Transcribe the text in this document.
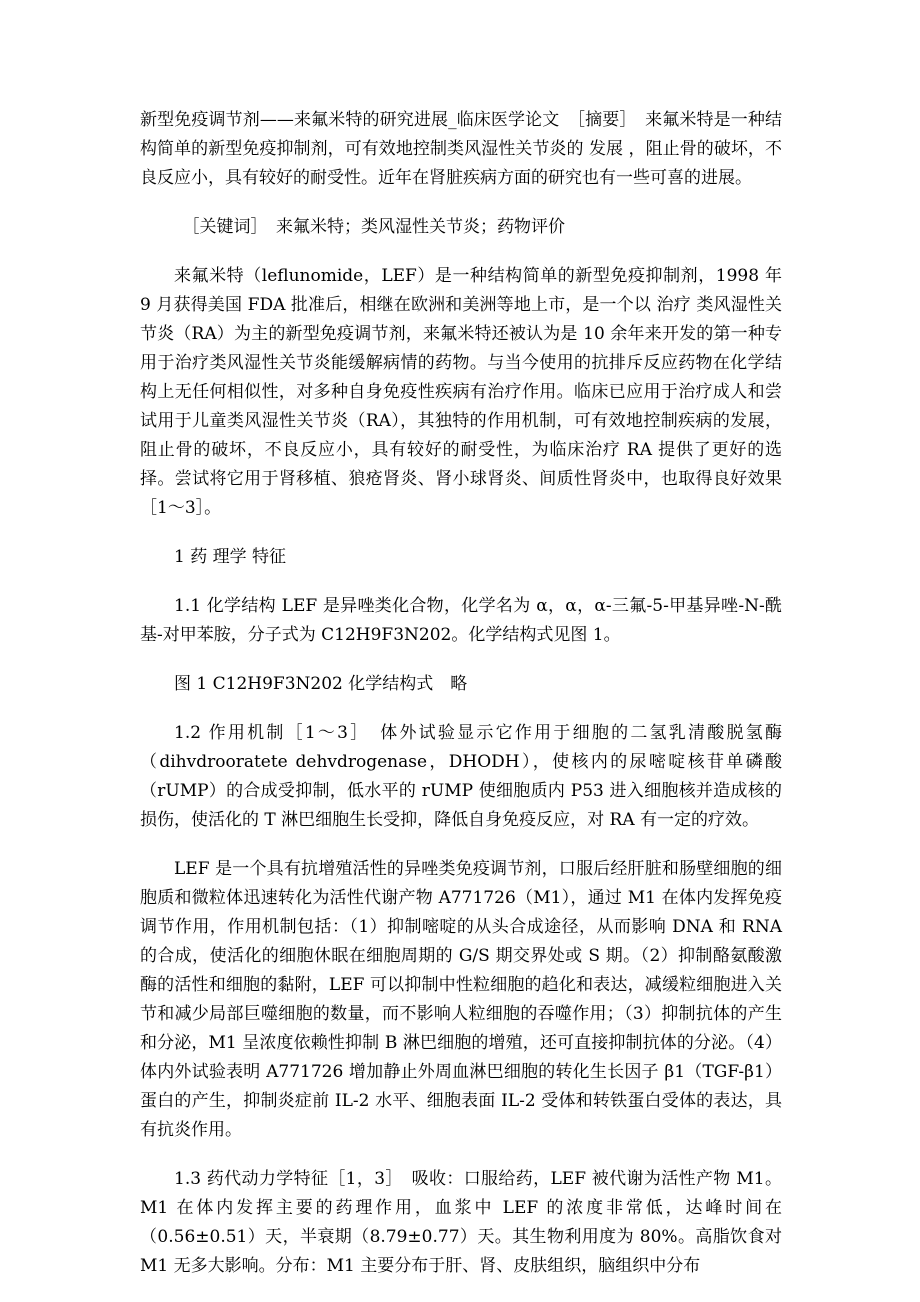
新型免疫调节剂——来氟米特的研究进展_临床医学论文　［摘要］　来氟米特是一种结构简单的新型免疫抑制剂，可有效地控制类风湿性关节炎的 发展 ，阻止骨的破坏，不良反应小，具有较好的耐受性。近年在肾脏疾病方面的研究也有一些可喜的进展。

［关键词］　来氟米特；类风湿性关节炎；药物评价

来氟米特（leflunomide，LEF）是一种结构简单的新型免疫抑制剂，1998 年 9 月获得美国 FDA 批准后，相继在欧洲和美洲等地上市，是一个以 治疗 类风湿性关节炎（RA）为主的新型免疫调节剂，来氟米特还被认为是 10 余年来开发的第一种专用于治疗类风湿性关节炎能缓解病情的药物。与当今使用的抗排斥反应药物在化学结构上无任何相似性，对多种自身免疫性疾病有治疗作用。临床已应用于治疗成人和尝试用于儿童类风湿性关节炎（RA），其独特的作用机制，可有效地控制疾病的发展，阻止骨的破坏，不良反应小，具有较好的耐受性，为临床治疗 RA 提供了更好的选择。尝试将它用于肾移植、狼疮肾炎、肾小球肾炎、间质性肾炎中，也取得良好效果［1～3］。

1 药 理学 特征

1.1 化学结构 LEF 是异唑类化合物，化学名为 α，α，α-三氟-5-甲基异唑-N-酰基-对甲苯胺，分子式为 C12H9F3N202。化学结构式见图 1。

图 1 C12H9F3N202 化学结构式　略

1.2 作用机制［1～3］　体外试验显示它作用于细胞的二氢乳清酸脱氢酶（dihvdrooratete dehvdrogenase，DHODH），使核内的尿嘧啶核苷单磷酸（rUMP）的合成受抑制，低水平的 rUMP 使细胞质内 P53 进入细胞核并造成核的损伤，使活化的 T 淋巴细胞生长受抑，降低自身免疫反应，对 RA 有一定的疗效。

LEF 是一个具有抗增殖活性的异唑类免疫调节剂，口服后经肝脏和肠壁细胞的细胞质和微粒体迅速转化为活性代谢产物 A771726（M1），通过 M1 在体内发挥免疫调节作用，作用机制包括：（1）抑制嘧啶的从头合成途径，从而影响 DNA 和 RNA 的合成，使活化的细胞休眠在细胞周期的 G/S 期交界处或 S 期。（2）抑制酪氨酸激酶的活性和细胞的黏附，LEF 可以抑制中性粒细胞的趋化和表达，减缓粒细胞进入关节和减少局部巨噬细胞的数量，而不影响人粒细胞的吞噬作用；（3）抑制抗体的产生和分泌，M1 呈浓度依赖性抑制 B 淋巴细胞的增殖，还可直接抑制抗体的分泌。（4）体内外试验表明 A771726 增加静止外周血淋巴细胞的转化生长因子 β1（TGF-β1）蛋白的产生，抑制炎症前 IL-2 水平、细胞表面 IL-2 受体和转铁蛋白受体的表达，具有抗炎作用。

1.3 药代动力学特征［1，3］　吸收：口服给药，LEF 被代谢为活性产物 M1。M1 在体内发挥主要的药理作用，血浆中 LEF 的浓度非常低，达峰时间在（0.56±0.51）天，半衰期（8.79±0.77）天。其生物利用度为 80%。高脂饮食对 M1 无多大影响。分布：M1 主要分布于肝、肾、皮肤组织，脑组织中分布
